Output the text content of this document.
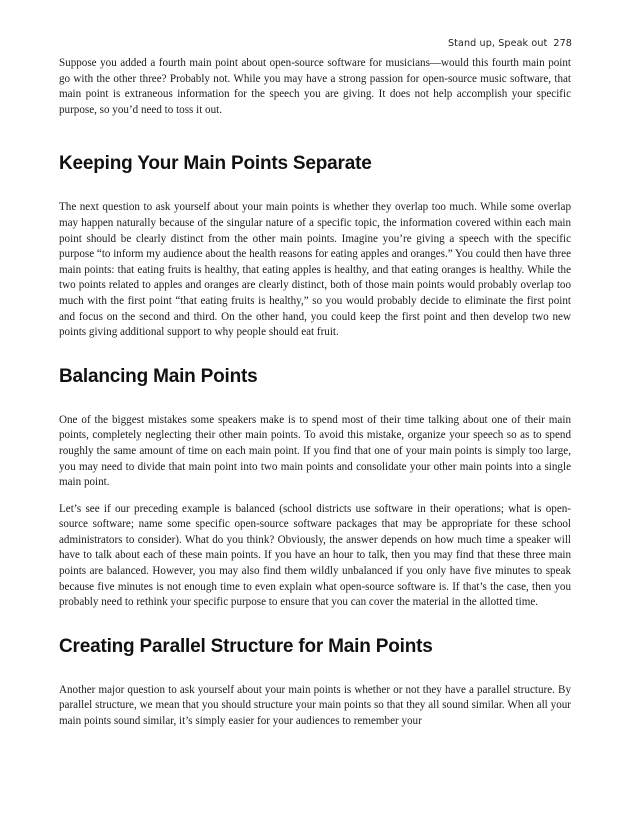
Stand up, Speak out 278

Suppose you added a fourth main point about open-source software for musicians—would this fourth main point go with the other three? Probably not. While you may have a strong passion for open-source music software, that main point is extraneous information for the speech you are giving. It does not help accomplish your specific purpose, so you’d need to toss it out.

Keeping Your Main Points Separate

The next question to ask yourself about your main points is whether they overlap too much. While some overlap may happen naturally because of the singular nature of a specific topic, the information covered within each main point should be clearly distinct from the other main points. Imagine you’re giving a speech with the specific purpose “to inform my audience about the health reasons for eating apples and oranges.” You could then have three main points: that eating fruits is healthy, that eating apples is healthy, and that eating oranges is healthy. While the two points related to apples and oranges are clearly distinct, both of those main points would probably overlap too much with the first point “that eating fruits is healthy,” so you would probably decide to eliminate the first point and focus on the second and third. On the other hand, you could keep the first point and then develop two new points giving additional support to why people should eat fruit.

Balancing Main Points

One of the biggest mistakes some speakers make is to spend most of their time talking about one of their main points, completely neglecting their other main points. To avoid this mistake, organize your speech so as to spend roughly the same amount of time on each main point. If you find that one of your main points is simply too large, you may need to divide that main point into two main points and consolidate your other main points into a single main point.

Let’s see if our preceding example is balanced (school districts use software in their operations; what is open-source software; name some specific open-source software packages that may be appropriate for these school administrators to consider). What do you think? Obviously, the answer depends on how much time a speaker will have to talk about each of these main points. If you have an hour to talk, then you may find that these three main points are balanced. However, you may also find them wildly unbalanced if you only have five minutes to speak because five minutes is not enough time to even explain what open-source software is. If that’s the case, then you probably need to rethink your specific purpose to ensure that you can cover the material in the allotted time.

Creating Parallel Structure for Main Points

Another major question to ask yourself about your main points is whether or not they have a parallel structure. By parallel structure, we mean that you should structure your main points so that they all sound similar. When all your main points sound similar, it’s simply easier for your audiences to remember your
